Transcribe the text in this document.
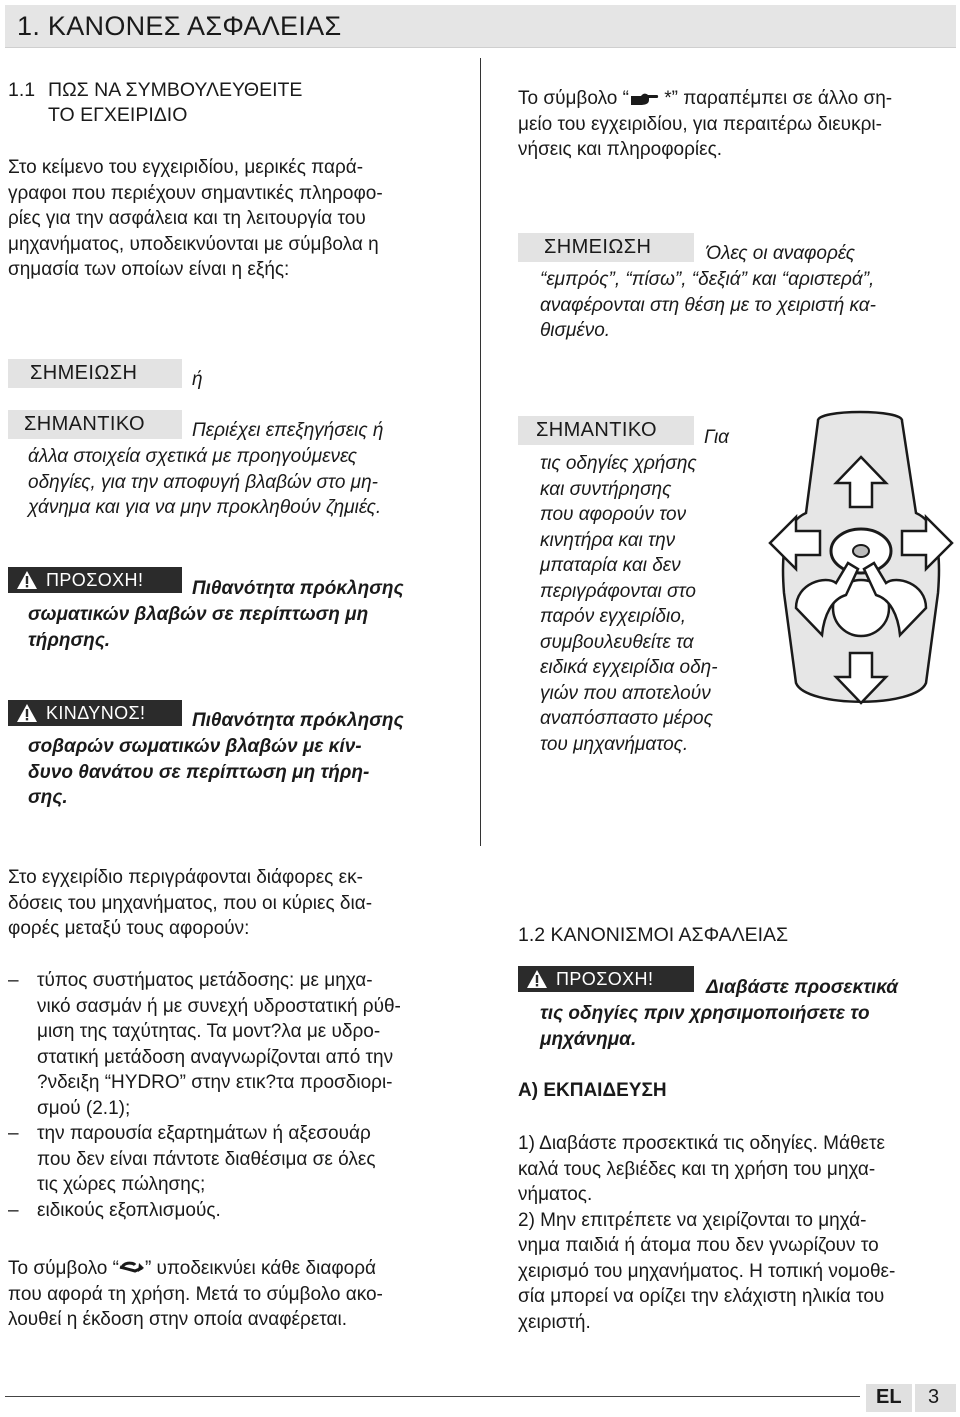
1. ΚΑΝΟΝΕΣ ΑΣΦΑΛΕΙΑΣ
1.1 ΠΩΣ ΝΑ ΣΥΜΒΟΥΛΕΥΘΕΙΤΕ

ΤΟ ΕΓΧΕΙΡΙΔΙΟ

Στο κείμενο του εγχειριδίου, μερικές παρά-

γραφοι που περιέχουν σημαντικές πληροφο-

ρίες για την ασφάλεια και τη λειτουργία του

μηχανήματος, υποδεικνύονται με σύμβολα η

σημασία των οποίων είναι η εξής:

ΣΗΜΕΙΩΣΗ	ή
ΣΗΜΑΝΤΙΚΟ	Περιέχει επεξηγήσεις ή

άλλα στοιχεία σχετικά με προηγούμενες

οδηγίες, για την αποφυγή βλαβών στο μη-

χάνημα και για να μην προκληθούν ζημιές.

ΠΡΟΣΟΧΗ!	Πιθανότητα πρόκλησης

σωματικών βλαβών σε περίπτωση μη

τήρησης.

ΚΙΝΔΥΝΟΣ!	Πιθανότητα πρόκλησης

σοβαρών σωματικών βλαβών με κίν-

δυνο θανάτου σε περίπτωση μη τήρη-

σης.

Στο εγχειρίδιο περιγράφονται διάφορες εκ-

δόσεις του μηχανήματος, που οι κύριες δια-

φορές μεταξύ τους αφορούν:

– τύπος συστήματος μετάδοσης: με μηχα-
νικό σασμάν ή με συνεχή υδροστατική ρύθ-
μιση της ταχύτητας. Τα μοντ?λα με υδρο-
στατική μετάδοση αναγνωρίζονται από την
?νδειξη “HYDRO” στην ετικ?τα προσδιορι-
σμού (2.1);
– την παρουσία εξαρτημάτων ή αξεσουάρ
που δεν είναι πάντοτε διαθέσιμα σε όλες
τις χώρες πώλησης;
– ειδικούς εξοπλισμούς.

Το σύμβολο “ ” υποδεικνύει κάθε διαφορά

που αφορά τη χρήση. Μετά το σύμβολο ακο-

λουθεί η έκδοση στην οποία αναφέρεται.

Το σύμβολο “ *” παραπέμπει σε άλλο ση-

μείο του εγχειριδίου, για περαιτέρω διευκρι-

νήσεις και πληροφορίες.

ΣΗΜΕΙΩΣΗ	Όλες οι αναφορές

“εμπρός”, “πίσω”, “δεξιά” και “αριστερά”,

αναφέρονται στη θέση με το χειριστή κα-

θισμένο.

ΣΗΜΑΝΤΙΚΟ	Για

τις οδηγίες χρήσης

και συντήρησης

που αφορούν τον

κινητήρα και την

μπαταρία και δεν

περιγράφονται στο

παρόν εγχειρίδιο,

συμβουλευθείτε τα

ειδικά εγχειρίδια οδη-

γιών που αποτελούν

αναπόσπαστο μέρος

του μηχανήματος.

1.2 ΚΑΝΟΝΙΣΜΟΙ ΑΣΦΑΛΕΙΑΣ
ΠΡΟΣΟΧΗ!	Διαβάστε προσεκτικά

τις οδηγίες πριν χρησιμοποιήσετε το

μηχάνημα.

Α) ΕΚΠΑΙΔΕΥΣΗ

1) Διαβάστε προσεκτικά τις οδηγίες. Μάθετε

καλά τους λεβιέδες και τη χρήση του μηχα-

νήματος.

2) Μην επιτρέπετε να χειρίζονται το μηχά-

νημα παιδιά ή άτομα που δεν γνωρίζουν το

χειρισμό του μηχανήματος. Η τοπική νομοθε-

σία μπορεί να ορίζει την ελάχιστη ηλικία του

χειριστή.

EL 3
